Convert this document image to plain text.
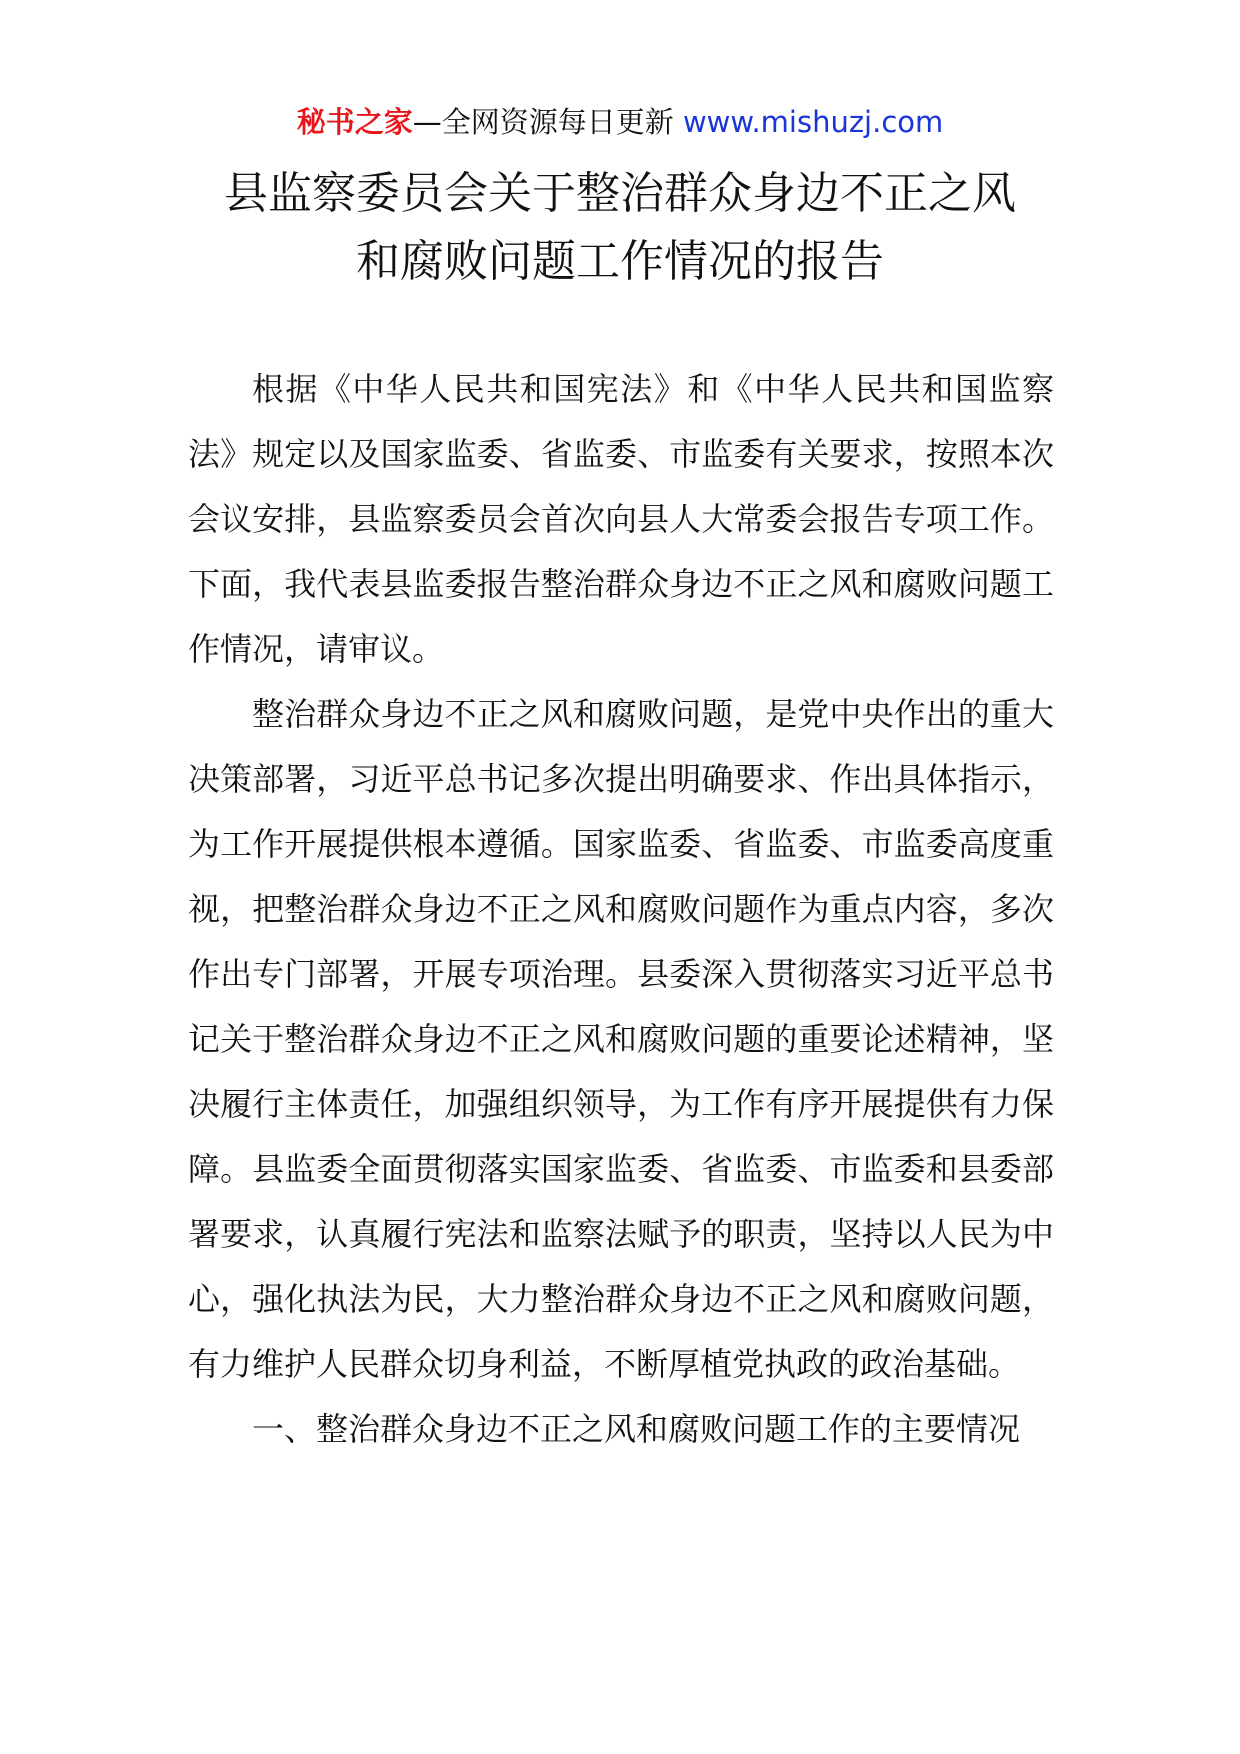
秘书之家—全网资源每日更新 www.mishuzj.com
县监察委员会关于整治群众身边不正之风
和腐败问题工作情况的报告

根据《中华人民共和国宪法》和《中华人民共和国监察法》规定以及国家监委、省监委、市监委有关要求，按照本次会议安排，县监察委员会首次向县人大常委会报告专项工作。下面，我代表县监委报告整治群众身边不正之风和腐败问题工作情况，请审议。

整治群众身边不正之风和腐败问题，是党中央作出的重大决策部署，习近平总书记多次提出明确要求、作出具体指示，为工作开展提供根本遵循。国家监委、省监委、市监委高度重视，把整治群众身边不正之风和腐败问题作为重点内容，多次作出专门部署，开展专项治理。县委深入贯彻落实习近平总书记关于整治群众身边不正之风和腐败问题的重要论述精神，坚决履行主体责任，加强组织领导，为工作有序开展提供有力保障。县监委全面贯彻落实国家监委、省监委、市监委和县委部署要求，认真履行宪法和监察法赋予的职责，坚持以人民为中心，强化执法为民，大力整治群众身边不正之风和腐败问题，有力维护人民群众切身利益，不断厚植党执政的政治基础。

一、整治群众身边不正之风和腐败问题工作的主要情况
